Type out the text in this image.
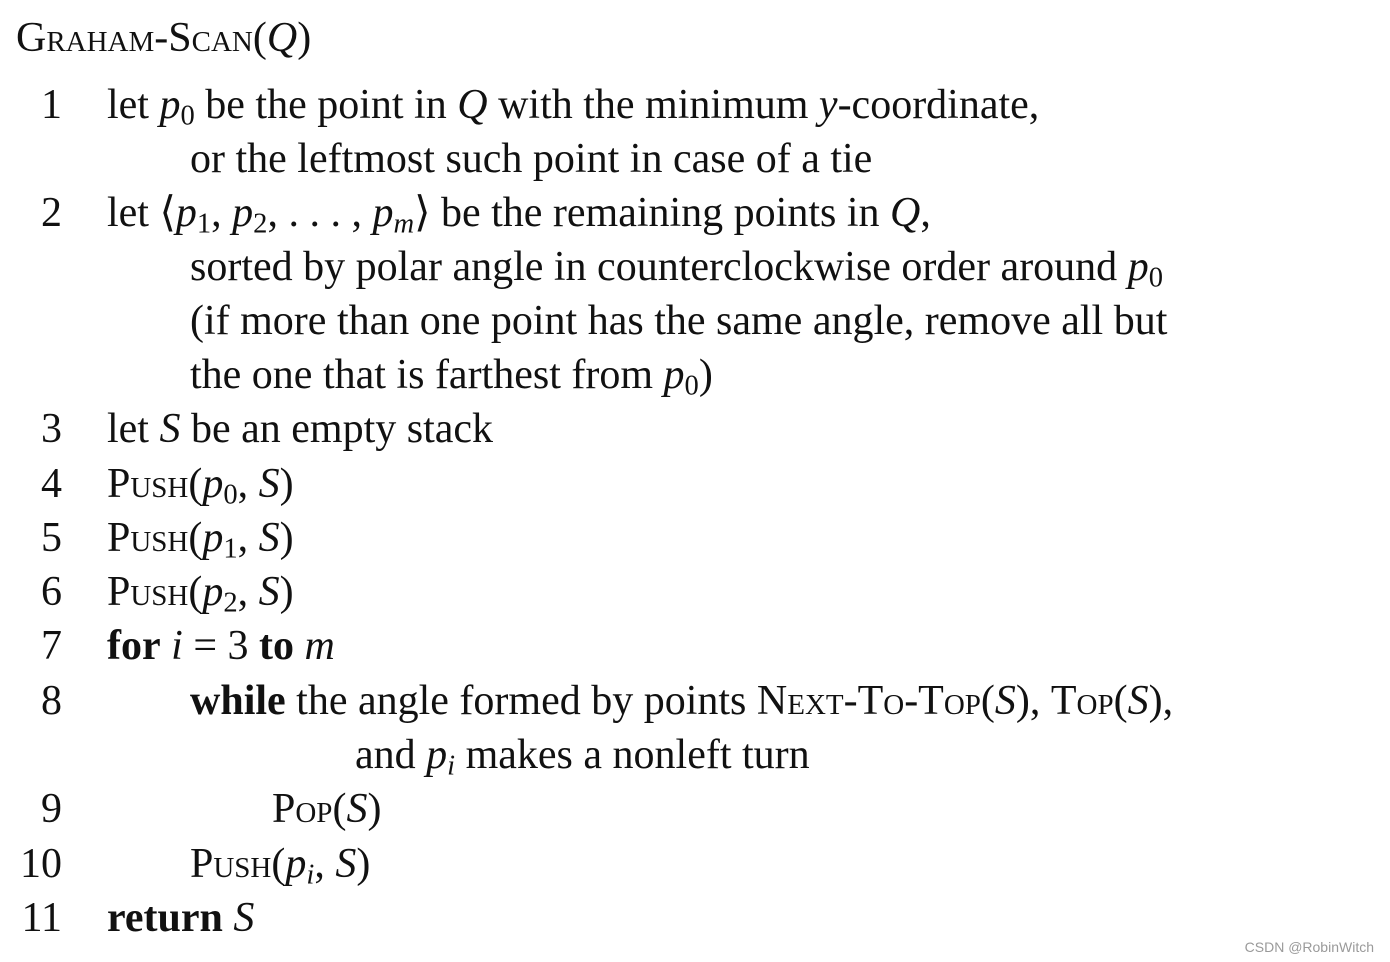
Graham-Scan(Q)
1 let $p_0$ be the point in Q with the minimum y-coordinate,
or the leftmost such point in case of a tie
2 let $⟨p_1$, $p_2$, . . . , $p_m⟩$ be the remaining points in Q,
sorted by polar angle in counterclockwise order around $p_0$
(if more than one point has the same angle, remove all but
the one that is farthest from $p_0$)
3 let S be an empty stack
4 $Push(p_0$, S)
5 $Push(p_1$, S)
6 $Push(p_2$, S)
7 for i = 3 to m
8	while the angle formed by points Next-To-Top(S), Top(S),
and $p_i$ makes a nonleft turn
9	Pop(S)
10	$Push(p_i$, S)
11 return S
CSDN @RobinWitch
